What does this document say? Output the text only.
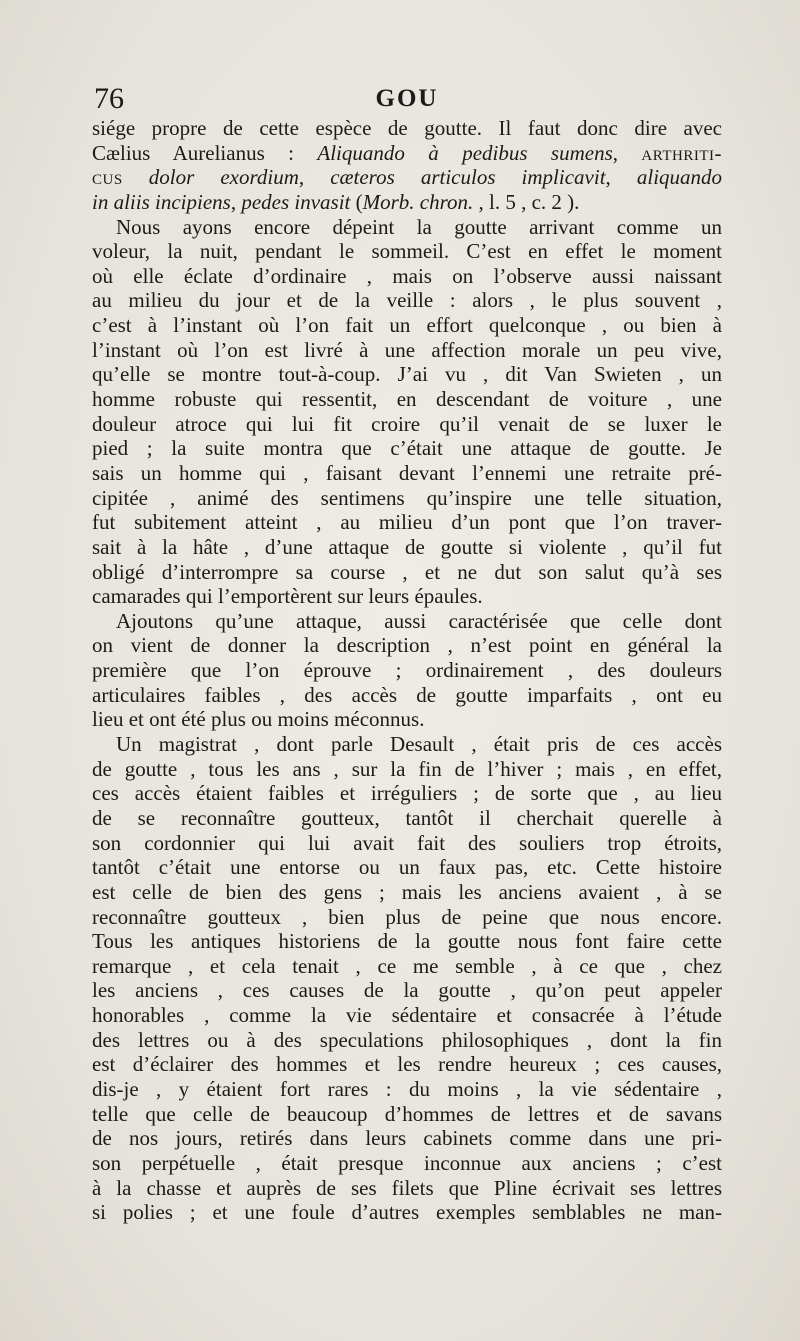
76	GOU
siége propre de cette espèce de goutte. Il faut donc dire avec
Cælius Aurelianus : Aliquando à pedibus sumens, arthriti-
cus dolor exordium, cæteros articulos implicavit, aliquando
in aliis incipiens, pedes invasit (Morb. chron. , l. 5 , c. 2 ).
Nous ayons encore dépeint la goutte arrivant comme un
voleur, la nuit, pendant le sommeil. C’est en effet le moment
où elle éclate d’ordinaire , mais on l’observe aussi naissant
au milieu du jour et de la veille : alors , le plus souvent ,
c’est à l’instant où l’on fait un effort quelconque , ou bien à
l’instant où l’on est livré à une affection morale un peu vive,
qu’elle se montre tout-à-coup. J’ai vu , dit Van Swieten , un
homme robuste qui ressentit, en descendant de voiture , une
douleur atroce qui lui fit croire qu’il venait de se luxer le
pied ; la suite montra que c’était une attaque de goutte. Je
sais un homme qui , faisant devant l’ennemi une retraite pré-
cipitée , animé des sentimens qu’inspire une telle situation,
fut subitement atteint , au milieu d’un pont que l’on traver-
sait à la hâte , d’une attaque de goutte si violente , qu’il fut
obligé d’interrompre sa course , et ne dut son salut qu’à ses
camarades qui l’emportèrent sur leurs épaules.
Ajoutons qu’une attaque, aussi caractérisée que celle dont
on vient de donner la description , n’est point en général la
première que l’on éprouve ; ordinairement , des douleurs
articulaires faibles , des accès de goutte imparfaits , ont eu
lieu et ont été plus ou moins méconnus.
Un magistrat , dont parle Desault , était pris de ces accès
de goutte , tous les ans , sur la fin de l’hiver ; mais , en effet,
ces accès étaient faibles et irréguliers ; de sorte que , au lieu
de se reconnaître goutteux, tantôt il cherchait querelle à
son cordonnier qui lui avait fait des souliers trop étroits,
tantôt c’était une entorse ou un faux pas, etc. Cette histoire
est celle de bien des gens ; mais les anciens avaient , à se
reconnaître goutteux , bien plus de peine que nous encore.
Tous les antiques historiens de la goutte nous font faire cette
remarque , et cela tenait , ce me semble , à ce que , chez
les anciens , ces causes de la goutte , qu’on peut appeler
honorables , comme la vie sédentaire et consacrée à l’étude
des lettres ou à des speculations philosophiques , dont la fin
est d’éclairer des hommes et les rendre heureux ; ces causes,
dis-je , y étaient fort rares : du moins , la vie sédentaire ,
telle que celle de beaucoup d’hommes de lettres et de savans
de nos jours, retirés dans leurs cabinets comme dans une pri-
son perpétuelle , était presque inconnue aux anciens ; c’est
à la chasse et auprès de ses filets que Pline écrivait ses lettres
si polies ; et une foule d’autres exemples semblables ne man-
